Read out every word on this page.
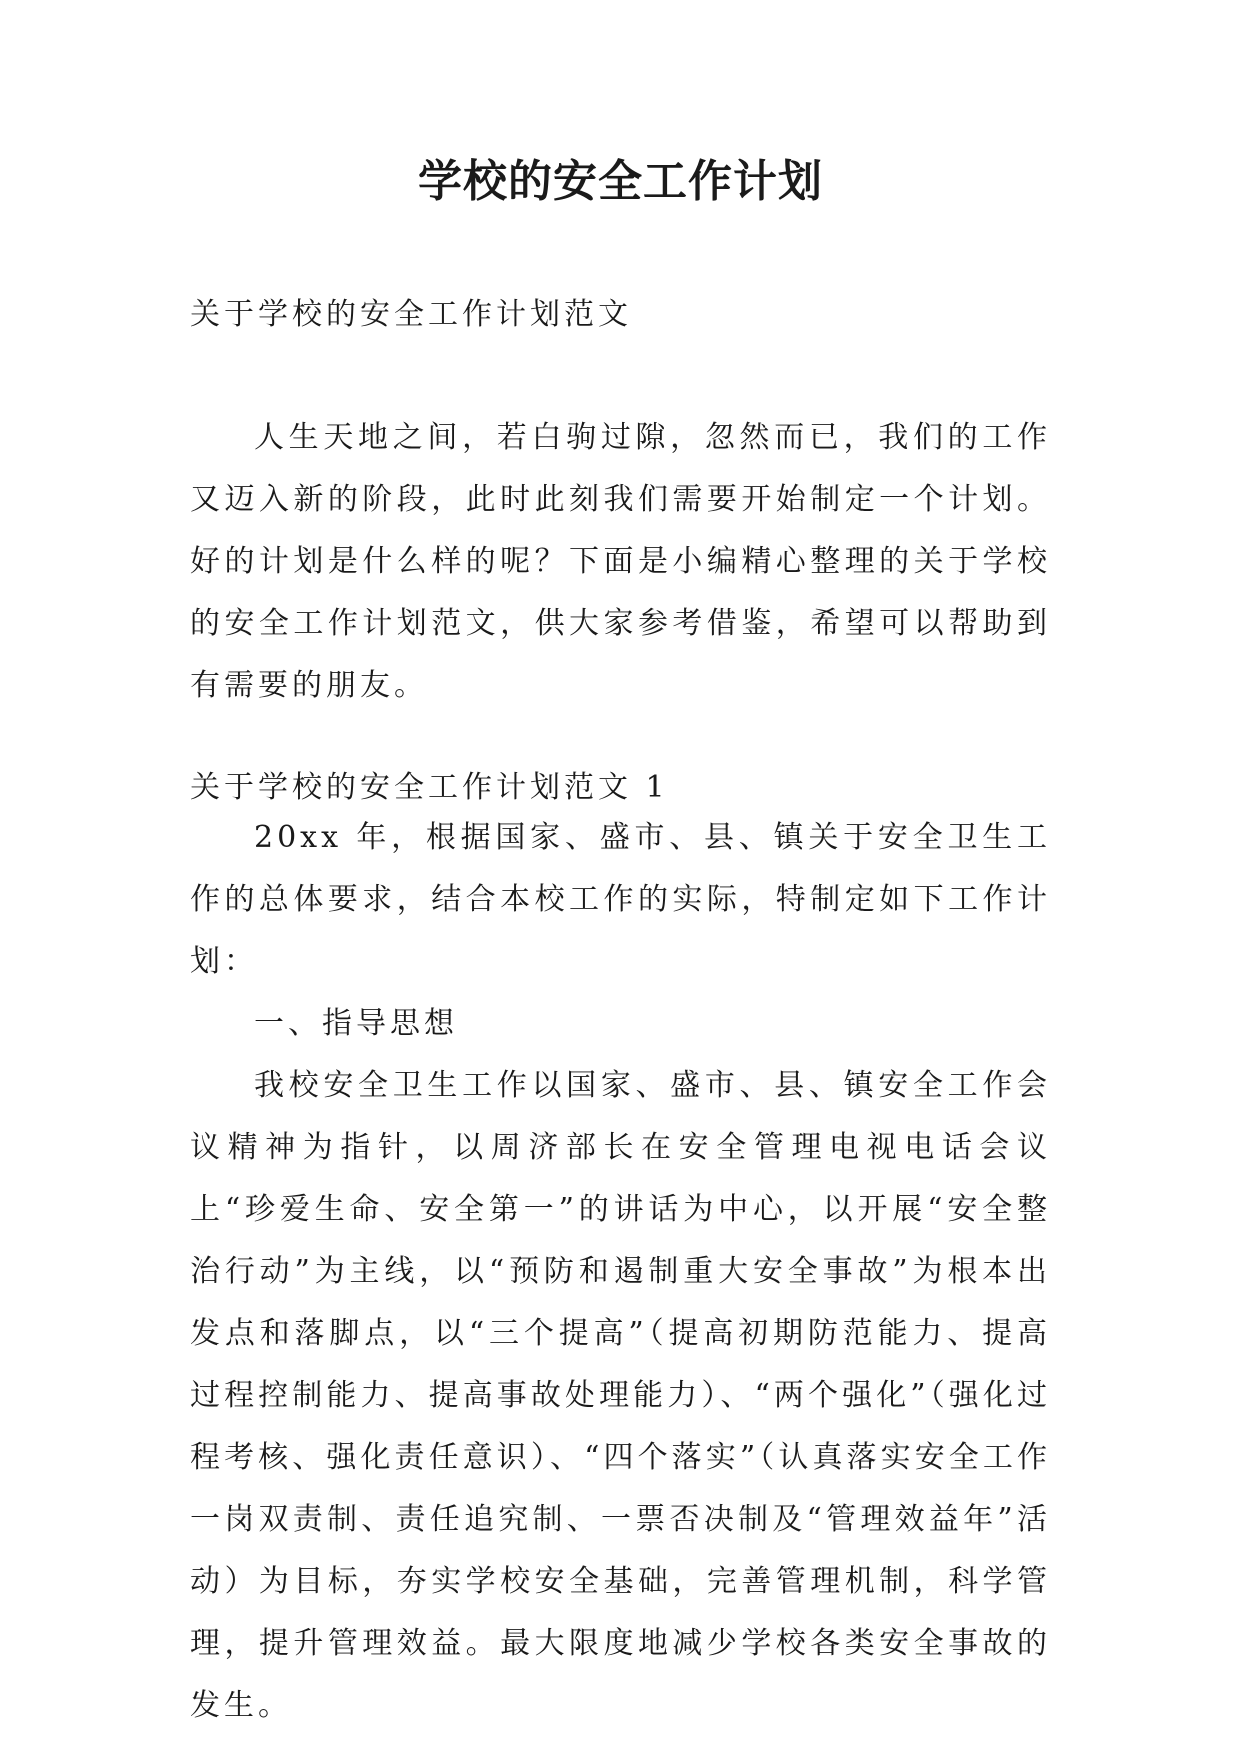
学校的安全工作计划
关于学校的安全工作计划范文
人生天地之间，若白驹过隙，忽然而已，我们的工作又迈入新的阶段，此时此刻我们需要开始制定一个计划。好的计划是什么样的呢？下面是小编精心整理的关于学校的安全工作计划范文，供大家参考借鉴，希望可以帮助到有需要的朋友。
关于学校的安全工作计划范文 1

20xx 年，根据国家、盛市、县、镇关于安全卫生工作的总体要求，结合本校工作的实际，特制定如下工作计划：

一、指导思想

我校安全卫生工作以国家、盛市、县、镇安全工作会议精神为指针，以周济部长在安全管理电视电话会议上“珍爱生命、安全第一”的讲话为中心，以开展“安全整治行动”为主线，以“预防和遏制重大安全事故”为根本出发点和落脚点，以“三个提高”（提高初期防范能力、提高过程控制能力、提高事故处理能力）、“两个强化”（强化过程考核、强化责任意识）、“四个落实”（认真落实安全工作一岗双责制、责任追究制、一票否决制及“管理效益年”活动）为目标，夯实学校安全基础，完善管理机制，科学管理，提升管理效益。最大限度地减少学校各类安全事故的发生。
